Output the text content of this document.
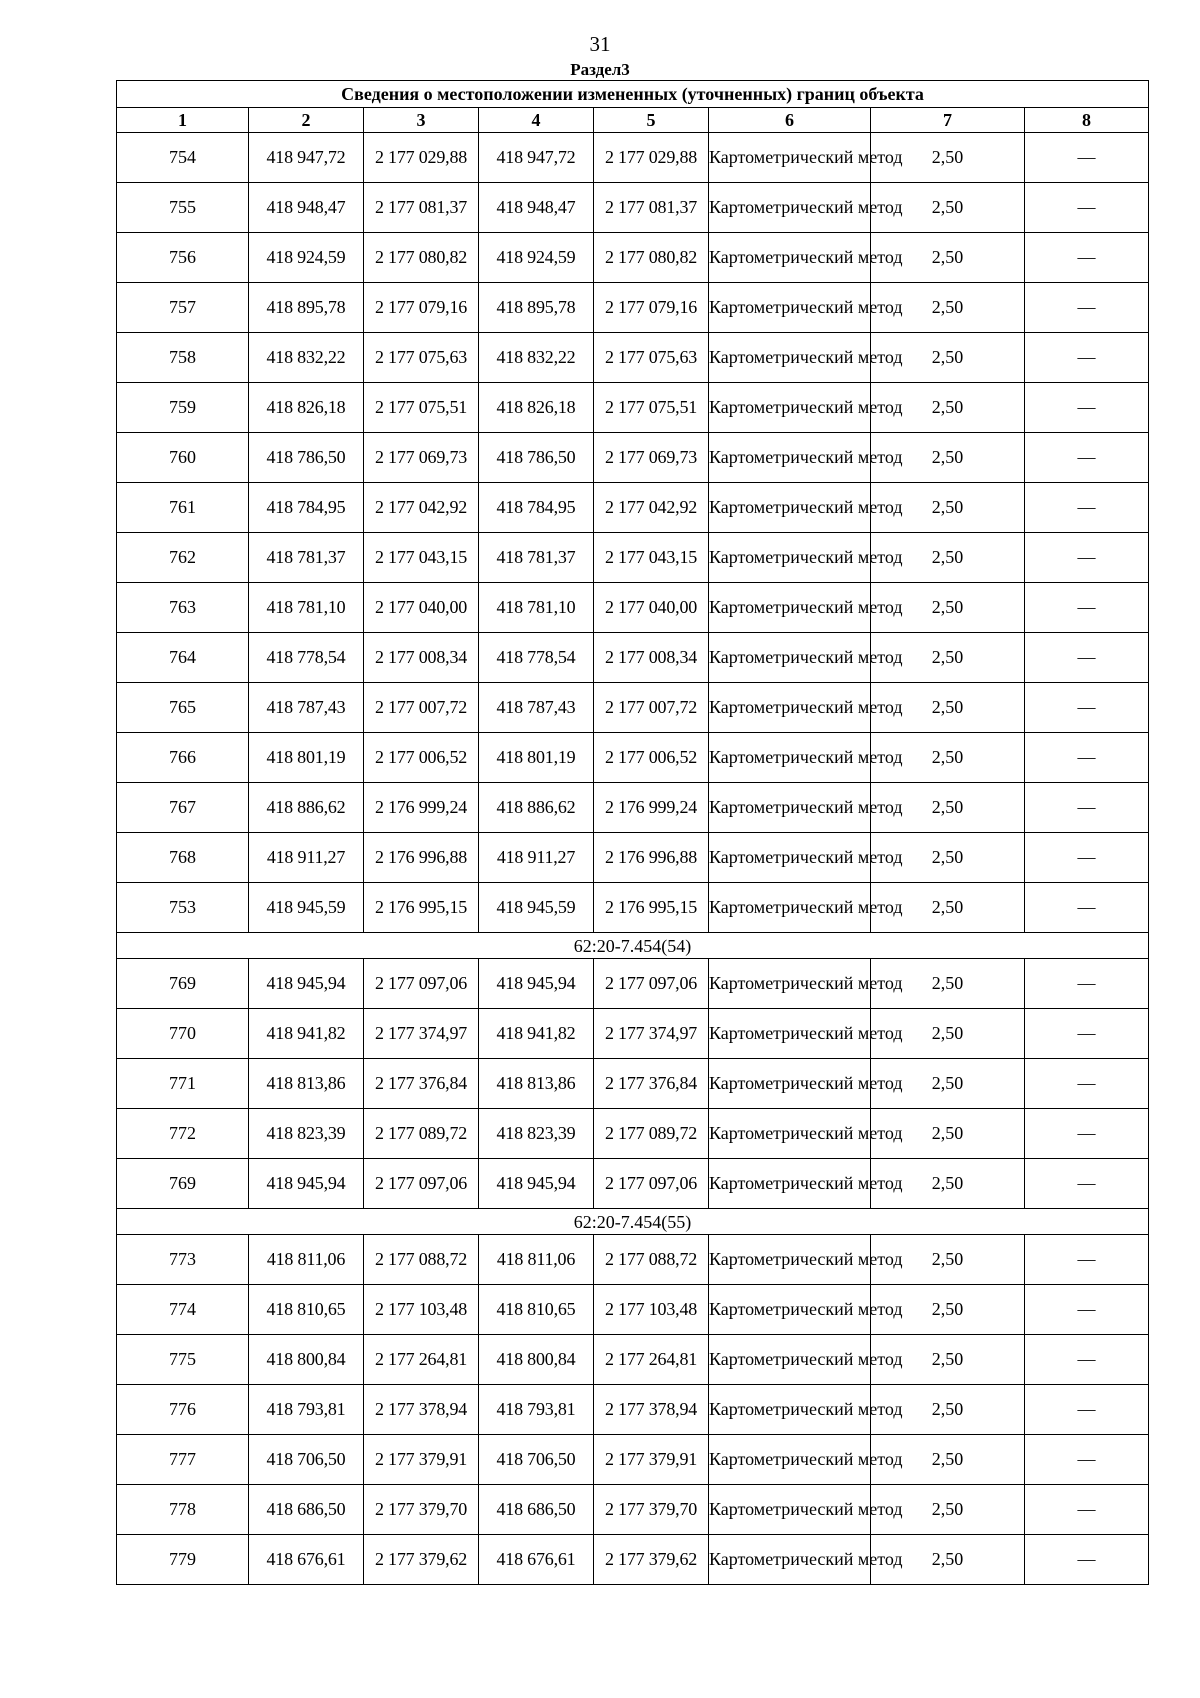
31
Раздел3
Сведения о местоположении измененных (уточненных) границ объекта							
1	2	3	4	5	6	7	8
754	418 947,72	2 177 029,88	418 947,72	2 177 029,88	Картометрический метод	2,50	—
755	418 948,47	2 177 081,37	418 948,47	2 177 081,37	Картометрический метод	2,50	—
756	418 924,59	2 177 080,82	418 924,59	2 177 080,82	Картометрический метод	2,50	—
757	418 895,78	2 177 079,16	418 895,78	2 177 079,16	Картометрический метод	2,50	—
758	418 832,22	2 177 075,63	418 832,22	2 177 075,63	Картометрический метод	2,50	—
759	418 826,18	2 177 075,51	418 826,18	2 177 075,51	Картометрический метод	2,50	—
760	418 786,50	2 177 069,73	418 786,50	2 177 069,73	Картометрический метод	2,50	—
761	418 784,95	2 177 042,92	418 784,95	2 177 042,92	Картометрический метод	2,50	—
762	418 781,37	2 177 043,15	418 781,37	2 177 043,15	Картометрический метод	2,50	—
763	418 781,10	2 177 040,00	418 781,10	2 177 040,00	Картометрический метод	2,50	—
764	418 778,54	2 177 008,34	418 778,54	2 177 008,34	Картометрический метод	2,50	—
765	418 787,43	2 177 007,72	418 787,43	2 177 007,72	Картометрический метод	2,50	—
766	418 801,19	2 177 006,52	418 801,19	2 177 006,52	Картометрический метод	2,50	—
767	418 886,62	2 176 999,24	418 886,62	2 176 999,24	Картометрический метод	2,50	—
768	418 911,27	2 176 996,88	418 911,27	2 176 996,88	Картометрический метод	2,50	—
753	418 945,59	2 176 995,15	418 945,59	2 176 995,15	Картометрический метод	2,50	—
62:20-7.454(54)							
769	418 945,94	2 177 097,06	418 945,94	2 177 097,06	Картометрический метод	2,50	—
770	418 941,82	2 177 374,97	418 941,82	2 177 374,97	Картометрический метод	2,50	—
771	418 813,86	2 177 376,84	418 813,86	2 177 376,84	Картометрический метод	2,50	—
772	418 823,39	2 177 089,72	418 823,39	2 177 089,72	Картометрический метод	2,50	—
769	418 945,94	2 177 097,06	418 945,94	2 177 097,06	Картометрический метод	2,50	—
62:20-7.454(55)							
773	418 811,06	2 177 088,72	418 811,06	2 177 088,72	Картометрический метод	2,50	—
774	418 810,65	2 177 103,48	418 810,65	2 177 103,48	Картометрический метод	2,50	—
775	418 800,84	2 177 264,81	418 800,84	2 177 264,81	Картометрический метод	2,50	—
776	418 793,81	2 177 378,94	418 793,81	2 177 378,94	Картометрический метод	2,50	—
777	418 706,50	2 177 379,91	418 706,50	2 177 379,91	Картометрический метод	2,50	—
778	418 686,50	2 177 379,70	418 686,50	2 177 379,70	Картометрический метод	2,50	—
779	418 676,61	2 177 379,62	418 676,61	2 177 379,62	Картометрический метод	2,50	—
